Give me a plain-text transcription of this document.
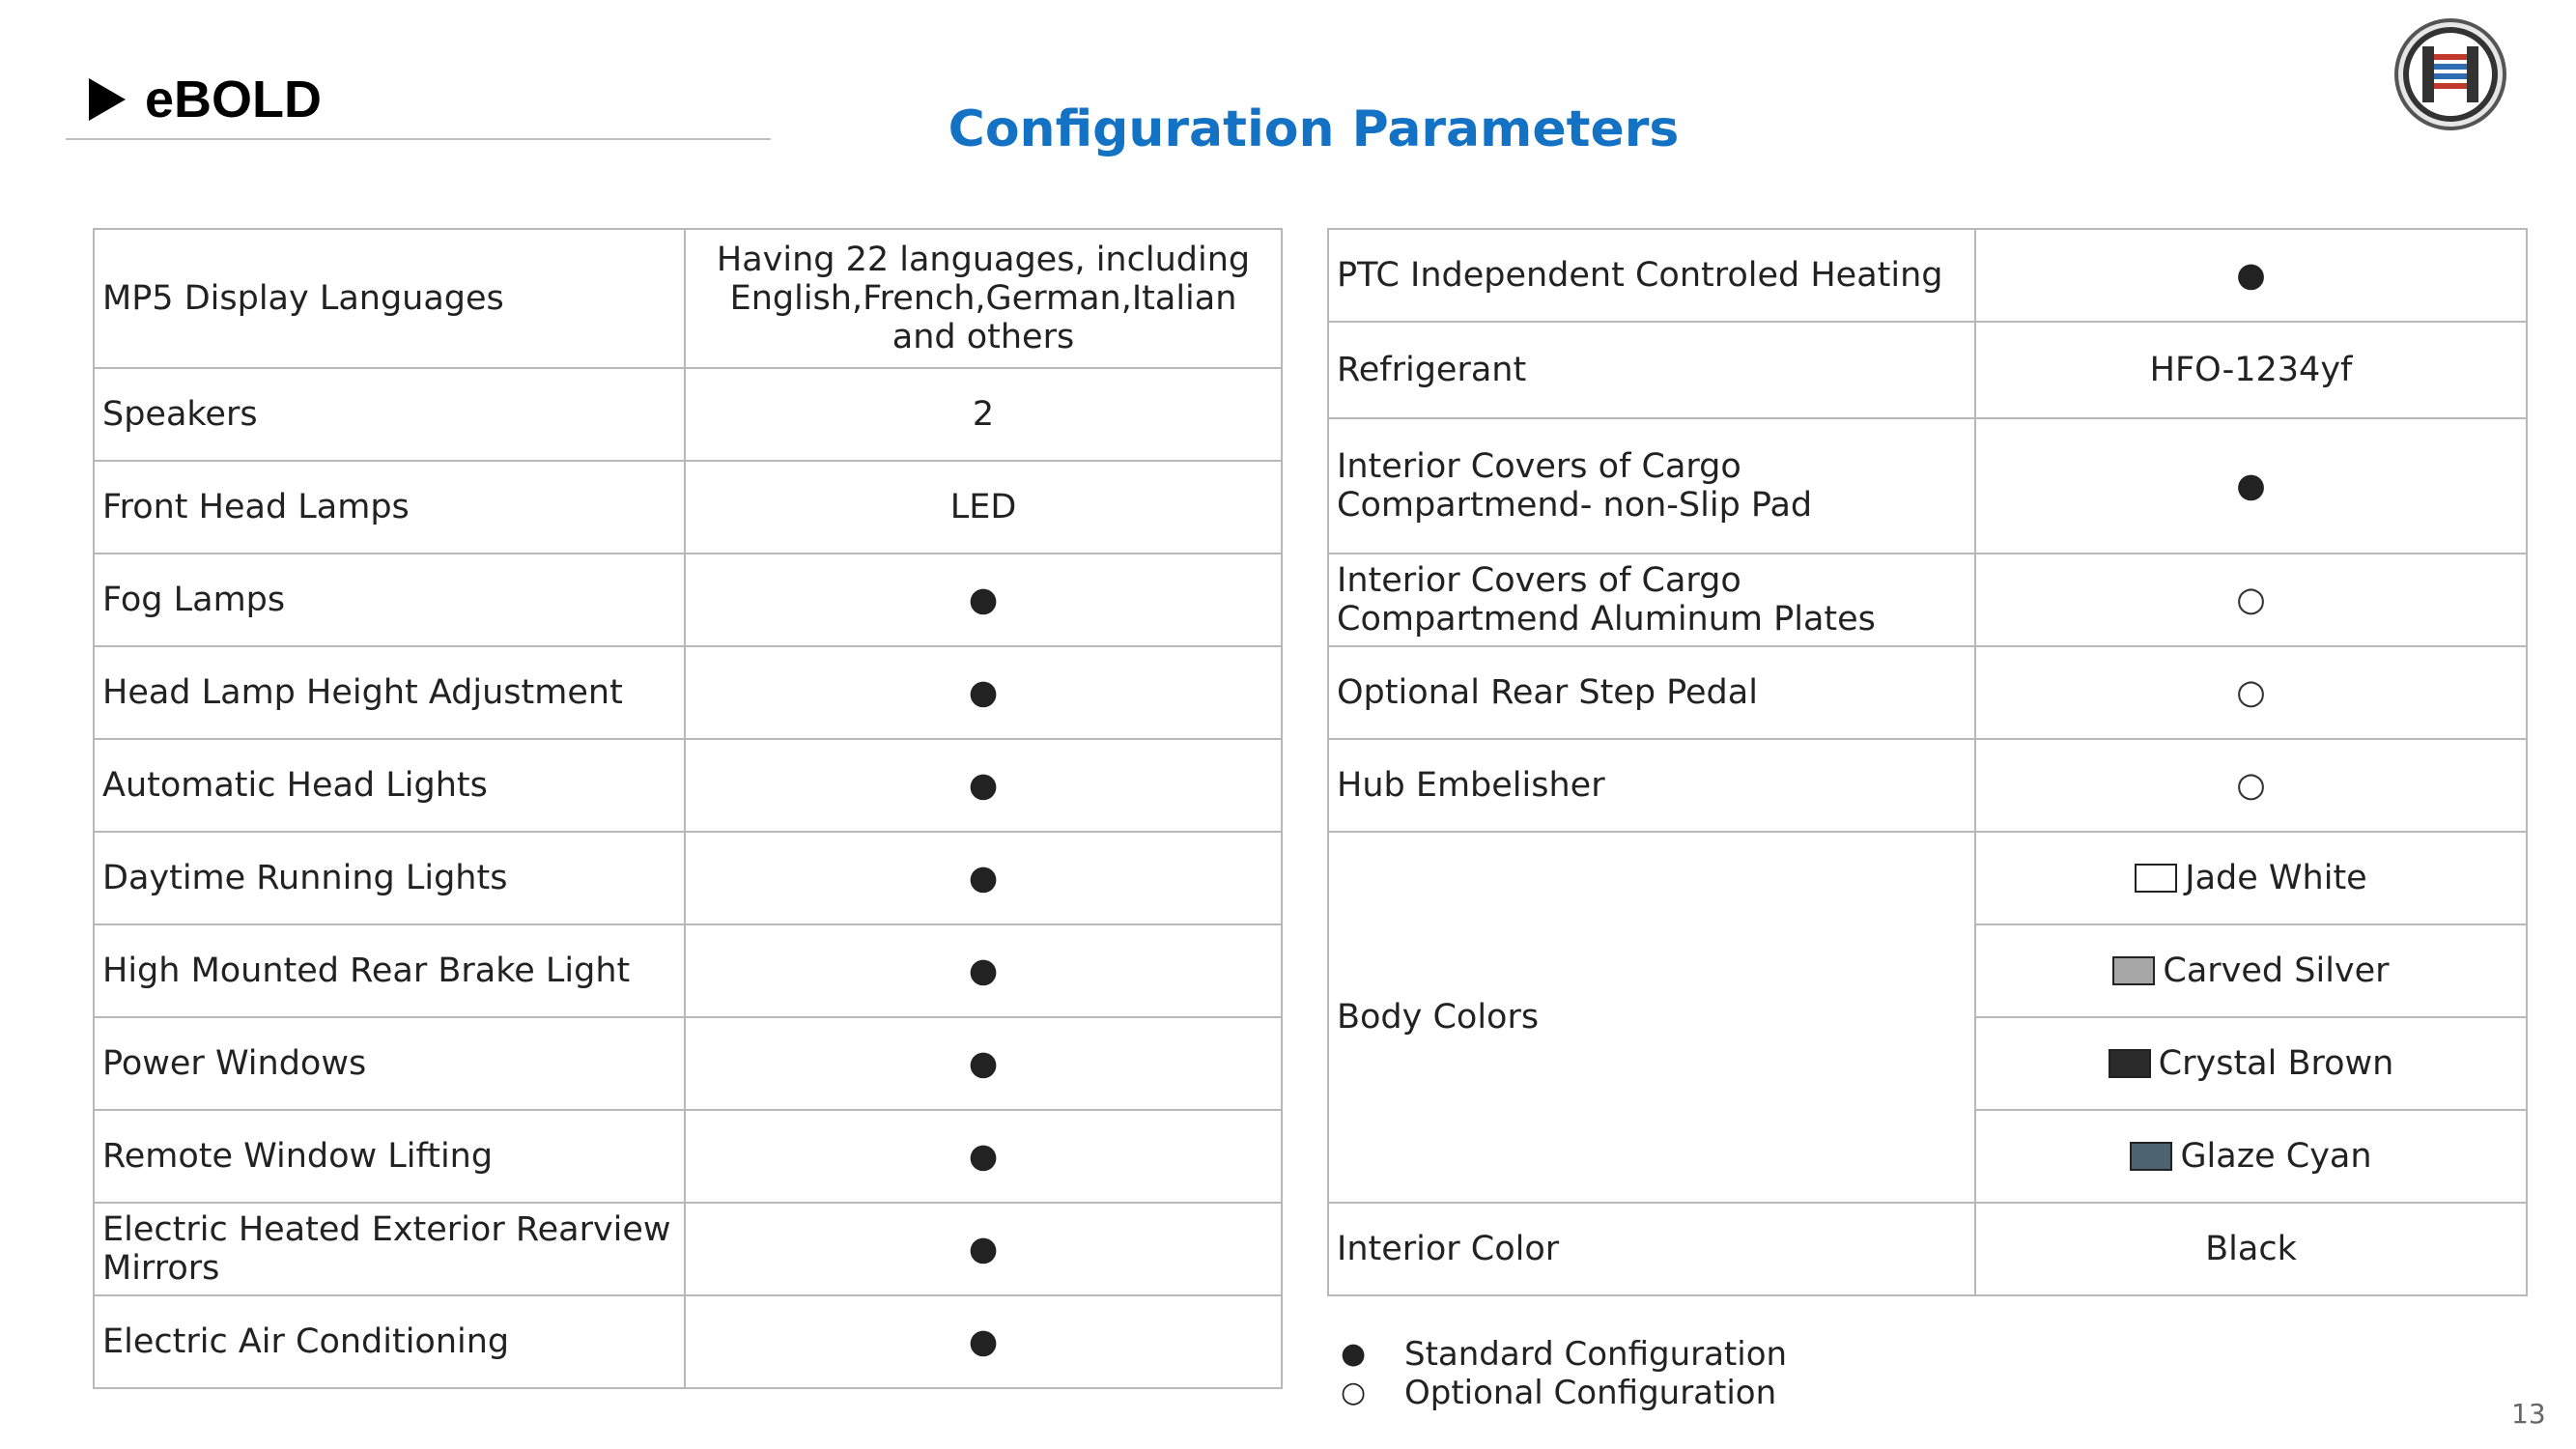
eBOLD
Configuration Parameters
MP5 Display Languages	Having 22 languages, including English,French,German,Italian and others
Speakers	2
Front Head Lamps	LED
Fog Lamps	●
Head Lamp Height Adjustment	●
Automatic Head Lights	●
Daytime Running Lights	●
High Mounted Rear Brake Light	●
Power Windows	●
Remote Window Lifting	●
Electric Heated Exterior Rearview Mirrors	●
Electric Air Conditioning	●
PTC Independent Controled Heating	●
Refrigerant	HFO-1234yf
Interior Covers of Cargo Compartmend- non-Slip Pad	●
Interior Covers of Cargo Compartmend Aluminum Plates	○
Optional Rear Step Pedal	○
Hub Embelisher	○
Body Colors	Jade White

	Carved Silver

	Crystal Brown

	Glaze Cyan

Interior Color	Black
● Standard Configuration
○ Optional Configuration
13
